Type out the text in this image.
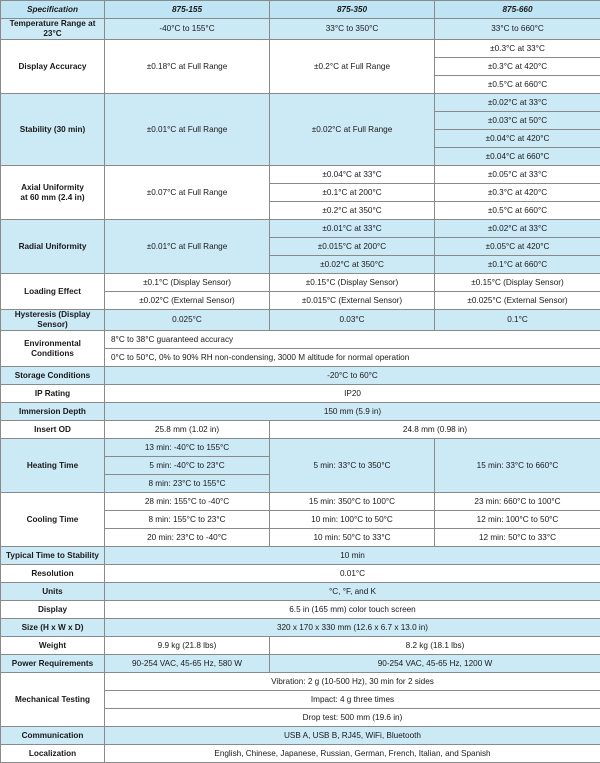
Specification	875-155	875-350	875-660
Temperature Range at 23°C	-40°C to 155°C	33°C to 350°C	33°C to 660°C
Display Accuracy	±0.18°C at Full Range	±0.2°C at Full Range	±0.3°C at 33°C
			±0.3°C at 420°C
			±0.5°C at 660°C
Stability (30 min)	±0.01°C at Full Range	±0.02°C at Full Range	±0.02°C at 33°C
			±0.03°C at 50°C
			±0.04°C at 420°C
			±0.04°C at 660°C
Axial Uniformity
at 60 mm (2.4 in)	±0.07°C at Full Range	±0.04°C at 33°C	±0.05°C at 33°C
		±0.1°C at 200°C	±0.3°C at 420°C
		±0.2°C at 350°C	±0.5°C at 660°C
Radial Uniformity	±0.01°C at Full Range	±0.01°C at 33°C	±0.02°C at 33°C
		±0.015°C at 200°C	±0.05°C at 420°C
		±0.02°C at 350°C	±0.1°C at 660°C
Loading Effect	±0.1°C (Display Sensor)	±0.15°C (Display Sensor)	±0.15°C (Display Sensor)
	±0.02°C (External Sensor)	±0.015°C (External Sensor)	±0.025°C (External Sensor)
Hysteresis (Display Sensor)	0.025°C	0.03°C	0.1°C
Environmental Conditions	8°C to 38°C guaranteed accuracy		
	0°C to 50°C, 0% to 90% RH non-condensing, 3000 M altitude for normal operation		
Storage Conditions	-20°C to 60°C		
IP Rating	IP20		
Immersion Depth	150 mm (5.9 in)		
Insert OD	25.8 mm (1.02 in)	24.8 mm (0.98 in)	
Heating Time	13 min: -40°C to 155°C	5 min: 33°C to 350°C	15 min: 33°C to 660°C
	5 min: -40°C to 23°C		
	8 min: 23°C to 155°C		
Cooling Time	28 min: 155°C to -40°C	15 min: 350°C to 100°C	23 min: 660°C to 100°C
	8 min: 155°C to 23°C	10 min: 100°C to 50°C	12 min: 100°C to 50°C
	20 min: 23°C to -40°C	10 min: 50°C to 33°C	12 min: 50°C to 33°C
Typical Time to Stability	10 min		
Resolution	0.01°C		
Units	°C, °F, and K		
Display	6.5 in (165 mm) color touch screen		
Size (H x W x D)	320 x 170 x 330 mm (12.6 x 6.7 x 13.0 in)		
Weight	9.9 kg (21.8 lbs)	8.2 kg (18.1 lbs)	
Power Requirements	90-254 VAC, 45-65 Hz, 580 W	90-254 VAC, 45-65 Hz, 1200 W	
Mechanical Testing	Vibration: 2 g (10-500 Hz), 30 min for 2 sides		
	Impact: 4 g three times		
	Drop test: 500 mm (19.6 in)		
Communication	USB A, USB B, RJ45, WiFi, Bluetooth		
Localization	English, Chinese, Japanese, Russian, German, French, Italian, and Spanish		
